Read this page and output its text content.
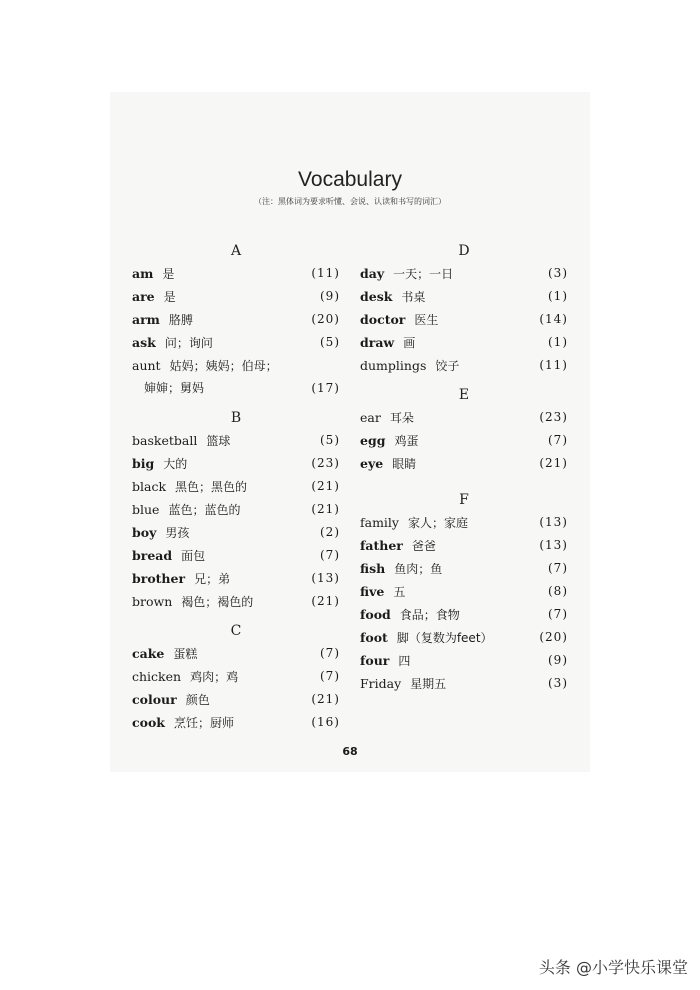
Vocabulary
（注：黑体词为要求听懂、会说、认读和书写的词汇）
A
am 是	(11)
are 是	(9)
arm 胳膊	(20)
ask 问；询问	(5)
aunt 姑妈；姨妈；伯母；
婶婶；舅妈	(17)
B
basketball 篮球	(5)
big 大的	(23)
black 黑色；黑色的	(21)
blue 蓝色；蓝色的	(21)
boy 男孩	(2)
bread 面包	(7)
brother 兄；弟	(13)
brown 褐色；褐色的	(21)
C
cake 蛋糕	(7)
chicken 鸡肉；鸡	(7)
colour 颜色	(21)
cook 烹饪；厨师	(16)
D
day 一天；一日	(3)
desk 书桌	(1)
doctor 医生	(14)
draw 画	(1)
dumplings 饺子	(11)
E
ear 耳朵	(23)
egg 鸡蛋	(7)
eye 眼睛	(21)
F
family 家人；家庭	(13)
father 爸爸	(13)
fish 鱼肉；鱼	(7)
five 五	(8)
food 食品；食物	(7)
foot 脚（复数为feet）	(20)
four 四	(9)
Friday 星期五	(3)
68
头条 @小学快乐课堂
